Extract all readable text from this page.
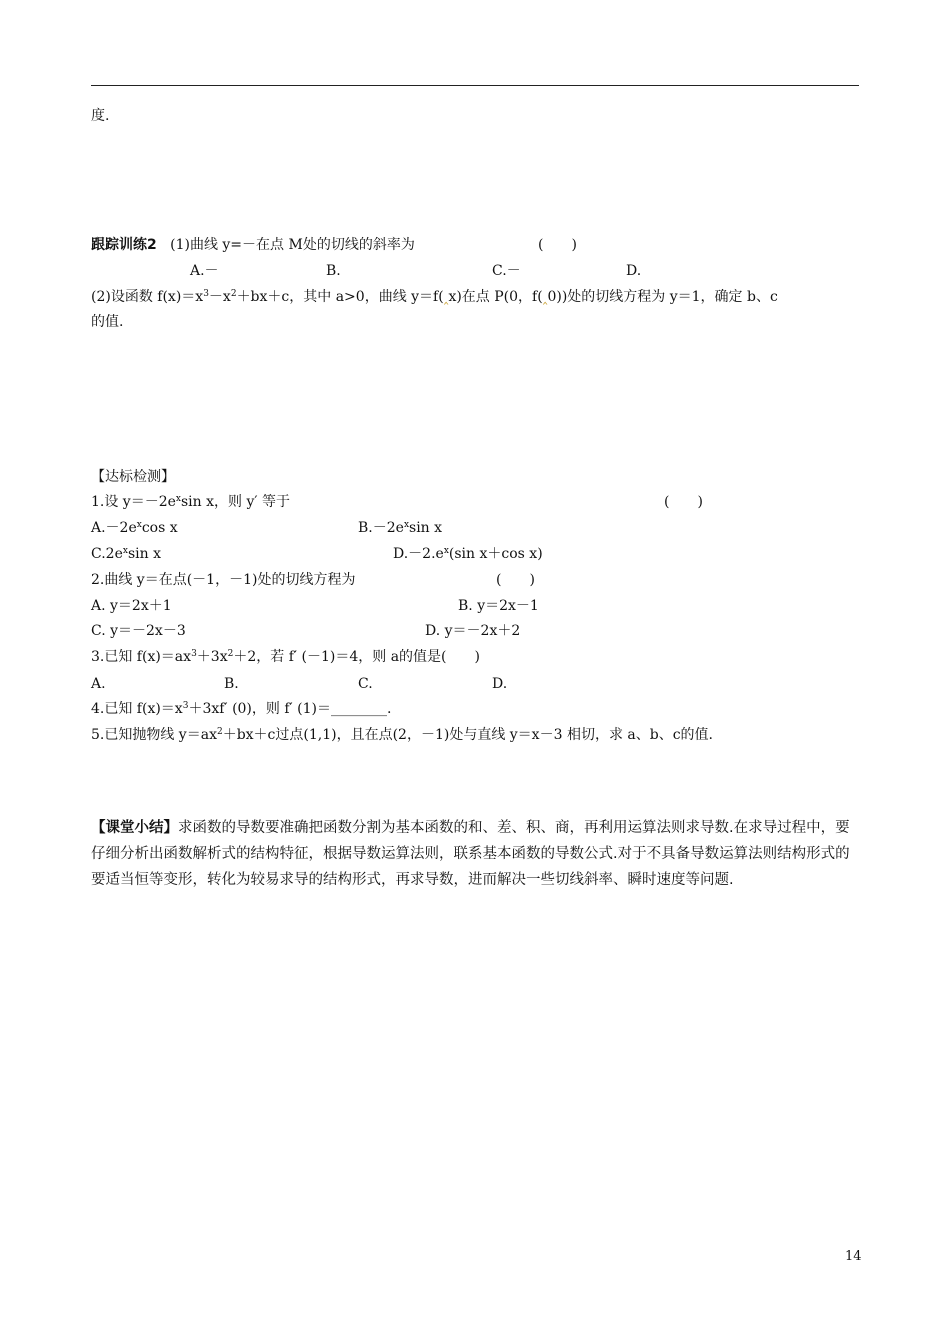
度.
跟踪训练2 (1)曲线 y=－在点 M处的切线的斜率为	(　　)
A.－	B.	C.－	D.
(2)设函数 $f(x)=x^3-x^2+bx+c$，其中 a>0，曲线 y＝f(‸x)在点 P(0，f(‸0))处的切线方程为 y＝1，确定 b、c
的值.
【达标检测】
1.设 $y=-2e^x\sin$ x，则 y′ 等于	(　　)
$A.-2e^x\cos$ x	$B.-2e^x\sin$ x
$C.2e^x\sin$ x	$D.-2.e^x(\sin$ x＋cos x)
2.曲线 y＝在点(－1，－1)处的切线方程为	(　　)
A. y＝2x＋1	B. y＝2x－1
C. y＝－2x－3	D. y＝－2x＋2
3.已知 $f(x)=ax^3+3x^2+2$，若 f′ (－1)＝4，则 a的值是(　　)
A.	B.	C.	D.
4.已知 $f(x)=x^3+3xf'$ (0)，则 f′ (1)＝________.
5.已知抛物线 $y=ax^2+bx+c$过点(1,1)，且在点(2，－1)处与直线 y＝x－3 相切，求 a、b、c的值.
【课堂小结】求函数的导数要准确把函数分割为基本函数的和、差、积、商，再利用运算法则求导数.在求导过程中，要仔细分析出函数解析式的结构特征，根据导数运算法则，联系基本函数的导数公式.对于不具备导数运算法则结构形式的要适当恒等变形，转化为较易求导的结构形式，再求导数，进而解决一些切线斜率、瞬时速度等问题.
14
